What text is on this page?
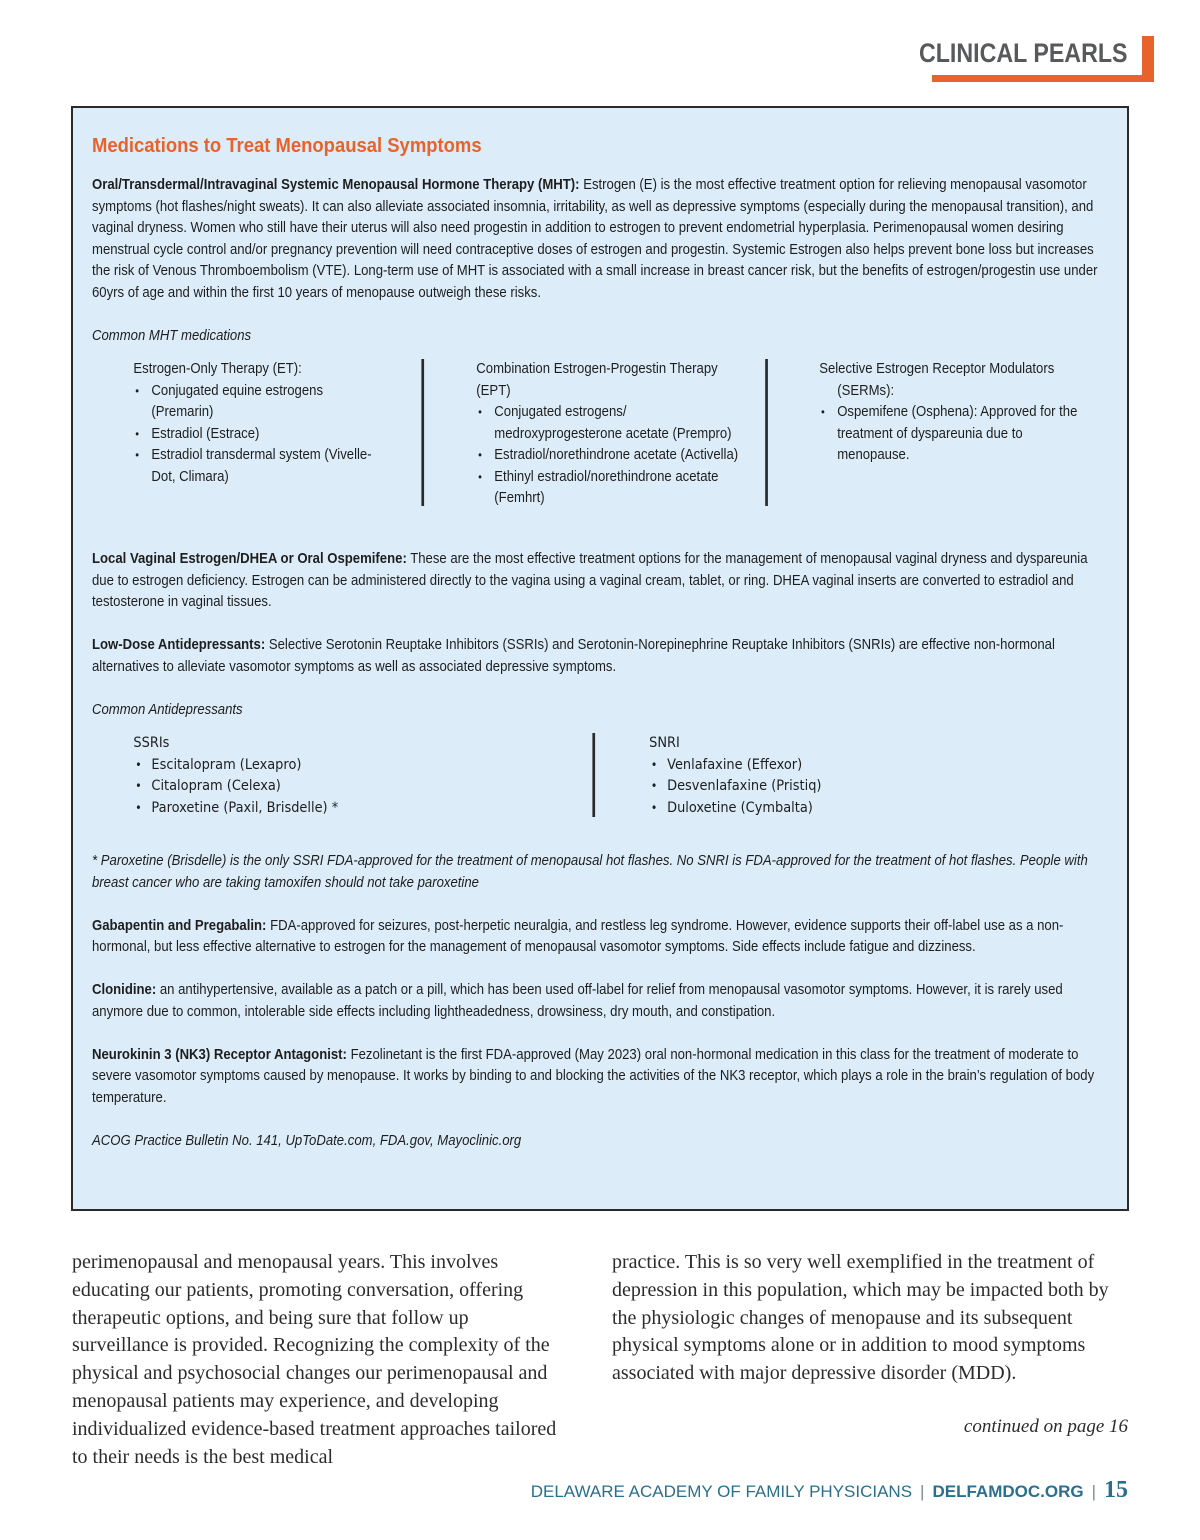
CLINICAL PEARLS
Medications to Treat Menopausal Symptoms

Oral/Transdermal/Intravaginal Systemic Menopausal Hormone Therapy (MHT): Estrogen (E) is the most effective treatment option for relieving menopausal vasomotor symptoms (hot flashes/night sweats). It can also alleviate associated insomnia, irritability, as well as depressive symptoms (especially during the menopausal transition), and vaginal dryness. Women who still have their uterus will also need progestin in addition to estrogen to prevent endometrial hyperplasia. Perimenopausal women desiring menstrual cycle control and/or pregnancy prevention will need contraceptive doses of estrogen and progestin. Systemic Estrogen also helps prevent bone loss but increases the risk of Venous Thromboembolism (VTE). Long-term use of MHT is associated with a small increase in breast cancer risk, but the benefits of estrogen/progestin use under 60yrs of age and within the first 10 years of menopause outweigh these risks.

Common MHT medications

Estrogen-Only Therapy (ET):
• Conjugated equine estrogens (Premarin)
• Estradiol (Estrace)
• Estradiol transdermal system (Vivelle-Dot, Climara)
Combination Estrogen-Progestin Therapy (EPT)
• Conjugated estrogens/ medroxyprogesterone acetate (Prempro)
• Estradiol/norethindrone acetate (Activella)
• Ethinyl estradiol/norethindrone acetate (Femhrt)
Selective Estrogen Receptor Modulators (SERMs):
• Ospemifene (Osphena): Approved for the treatment of dyspareunia due to menopause.

Local Vaginal Estrogen/DHEA or Oral Ospemifene: These are the most effective treatment options for the management of menopausal vaginal dryness and dyspareunia due to estrogen deficiency. Estrogen can be administered directly to the vagina using a vaginal cream, tablet, or ring. DHEA vaginal inserts are converted to estradiol and testosterone in vaginal tissues.

Low-Dose Antidepressants: Selective Serotonin Reuptake Inhibitors (SSRIs) and Serotonin-Norepinephrine Reuptake Inhibitors (SNRIs) are effective non-hormonal alternatives to alleviate vasomotor symptoms as well as associated depressive symptoms.

Common Antidepressants

SSRIs
• Escitalopram (Lexapro)
• Citalopram (Celexa)
• Paroxetine (Paxil, Brisdelle) *
SNRI
• Venlafaxine (Effexor)
• Desvenlafaxine (Pristiq)
• Duloxetine (Cymbalta)

* Paroxetine (Brisdelle) is the only SSRI FDA-approved for the treatment of menopausal hot flashes. No SNRI is FDA-approved for the treatment of hot flashes. People with breast cancer who are taking tamoxifen should not take paroxetine

Gabapentin and Pregabalin: FDA-approved for seizures, post-herpetic neuralgia, and restless leg syndrome. However, evidence supports their off-label use as a non-hormonal, but less effective alternative to estrogen for the management of menopausal vasomotor symptoms. Side effects include fatigue and dizziness.

Clonidine: an antihypertensive, available as a patch or a pill, which has been used off-label for relief from menopausal vasomotor symptoms. However, it is rarely used anymore due to common, intolerable side effects including lightheadedness, drowsiness, dry mouth, and constipation.

Neurokinin 3 (NK3) Receptor Antagonist: Fezolinetant is the first FDA-approved (May 2023) oral non-hormonal medication in this class for the treatment of moderate to severe vasomotor symptoms caused by menopause. It works by binding to and blocking the activities of the NK3 receptor, which plays a role in the brain’s regulation of body temperature.

ACOG Practice Bulletin No. 141, UpToDate.com, FDA.gov, Mayoclinic.org

perimenopausal and menopausal years. This involves educating our patients, promoting conversation, offering therapeutic options, and being sure that follow up surveillance is provided. Recognizing the complexity of the physical and psychosocial changes our perimenopausal and menopausal patients may experience, and developing individualized evidence-based treatment approaches tailored to their needs is the best medical
practice. This is so very well exemplified in the treatment of depression in this population, which may be impacted both by the physiologic changes of menopause and its subsequent physical symptoms alone or in addition to mood symptoms associated with major depressive disorder (MDD).
continued on page 16
DELAWARE ACADEMY OF FAMILY PHYSICIANS | DELFAMDOC.ORG | 15
